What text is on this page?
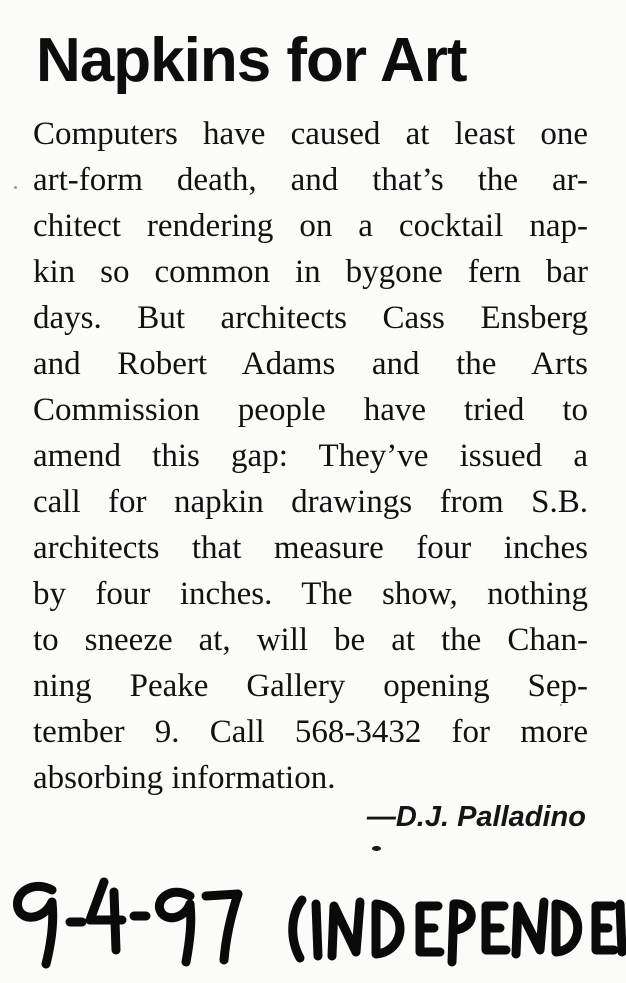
Napkins for Art
Computers have caused at least one
art-form death, and that’s the ar-
chitect rendering on a cocktail nap-
kin so common in bygone fern bar
days. But architects Cass Ensberg
and Robert Adams and the Arts
Commission people have tried to
amend this gap: They’ve issued a
call for napkin drawings from S.B.
architects that measure four inches
by four inches. The show, nothing
to sneeze at, will be at the Chan-
ning Peake Gallery opening Sep-
tember 9. Call 568-3432 for more
absorbing information.

—D.J. Palladino
